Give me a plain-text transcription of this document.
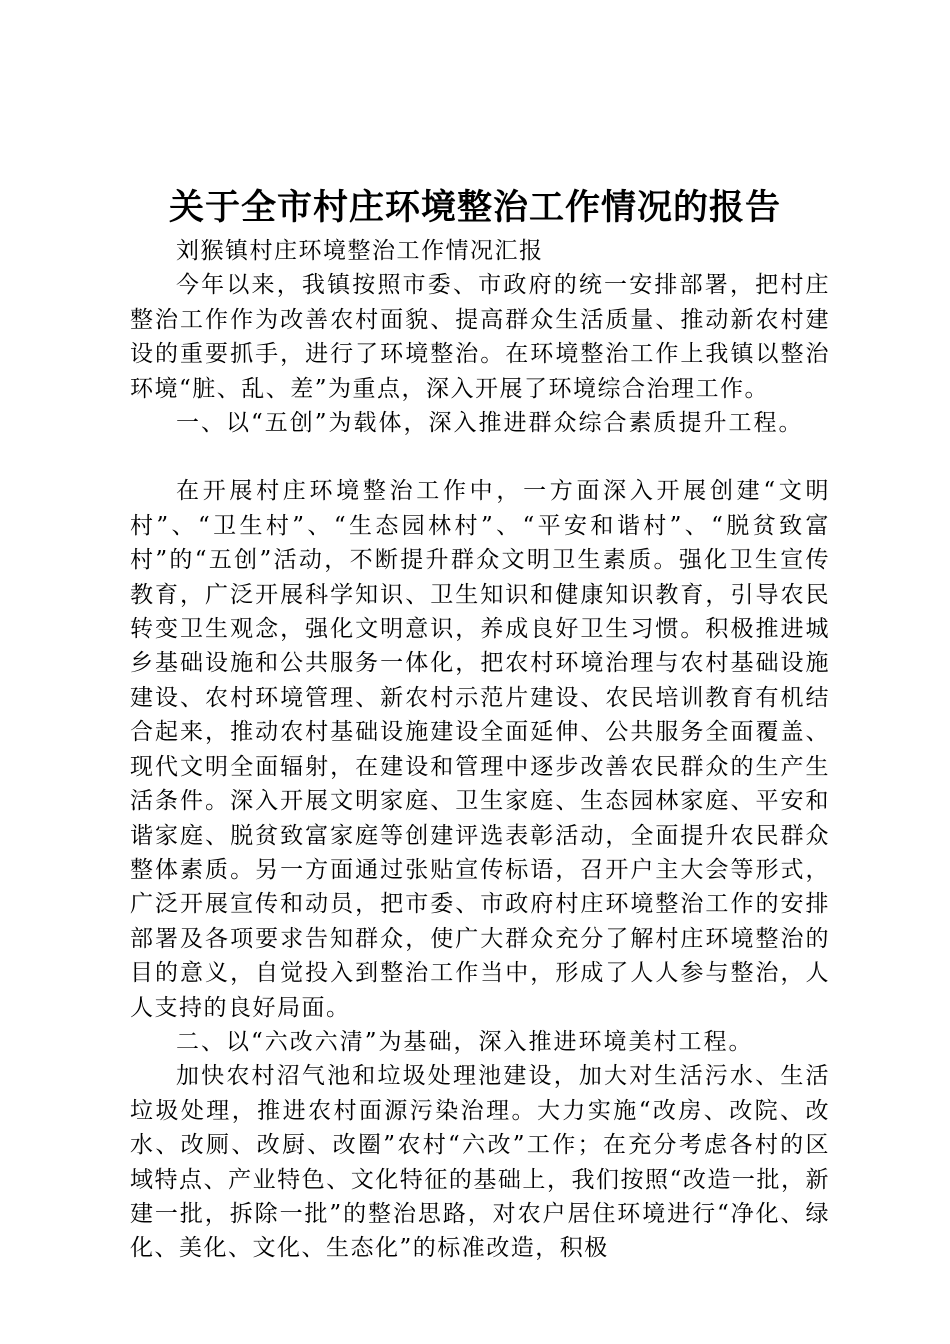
关于全市村庄环境整治工作情况的报告

刘猴镇村庄环境整治工作情况汇报

今年以来，我镇按照市委、市政府的统一安排部署，把村庄整治工作作为改善农村面貌、提高群众生活质量、推动新农村建设的重要抓手，进行了环境整治。在环境整治工作上我镇以整治环境“脏、乱、差”为重点，深入开展了环境综合治理工作。

一、以“五创”为载体，深入推进群众综合素质提升工程。

在开展村庄环境整治工作中，一方面深入开展创建“文明村”、“卫生村”、“生态园林村”、“平安和谐村”、“脱贫致富村”的“五创”活动，不断提升群众文明卫生素质。强化卫生宣传教育，广泛开展科学知识、卫生知识和健康知识教育，引导农民转变卫生观念，强化文明意识，养成良好卫生习惯。积极推进城乡基础设施和公共服务一体化，把农村环境治理与农村基础设施建设、农村环境管理、新农村示范片建设、农民培训教育有机结合起来，推动农村基础设施建设全面延伸、公共服务全面覆盖、现代文明全面辐射，在建设和管理中逐步改善农民群众的生产生活条件。深入开展文明家庭、卫生家庭、生态园林家庭、平安和谐家庭、脱贫致富家庭等创建评选表彰活动，全面提升农民群众整体素质。另一方面通过张贴宣传标语，召开户主大会等形式，广泛开展宣传和动员，把市委、市政府村庄环境整治工作的安排部署及各项要求告知群众，使广大群众充分了解村庄环境整治的目的意义，自觉投入到整治工作当中，形成了人人参与整治，人人支持的良好局面。

二、以“六改六清”为基础，深入推进环境美村工程。

加快农村沼气池和垃圾处理池建设，加大对生活污水、生活垃圾处理，推进农村面源污染治理。大力实施“改房、改院、改水、改厕、改厨、改圈”农村“六改”工作；在充分考虑各村的区域特点、产业特色、文化特征的基础上，我们按照“改造一批，新建一批，拆除一批”的整治思路，对农户居住环境进行“净化、绿化、美化、文化、生态化”的标准改造，积极
